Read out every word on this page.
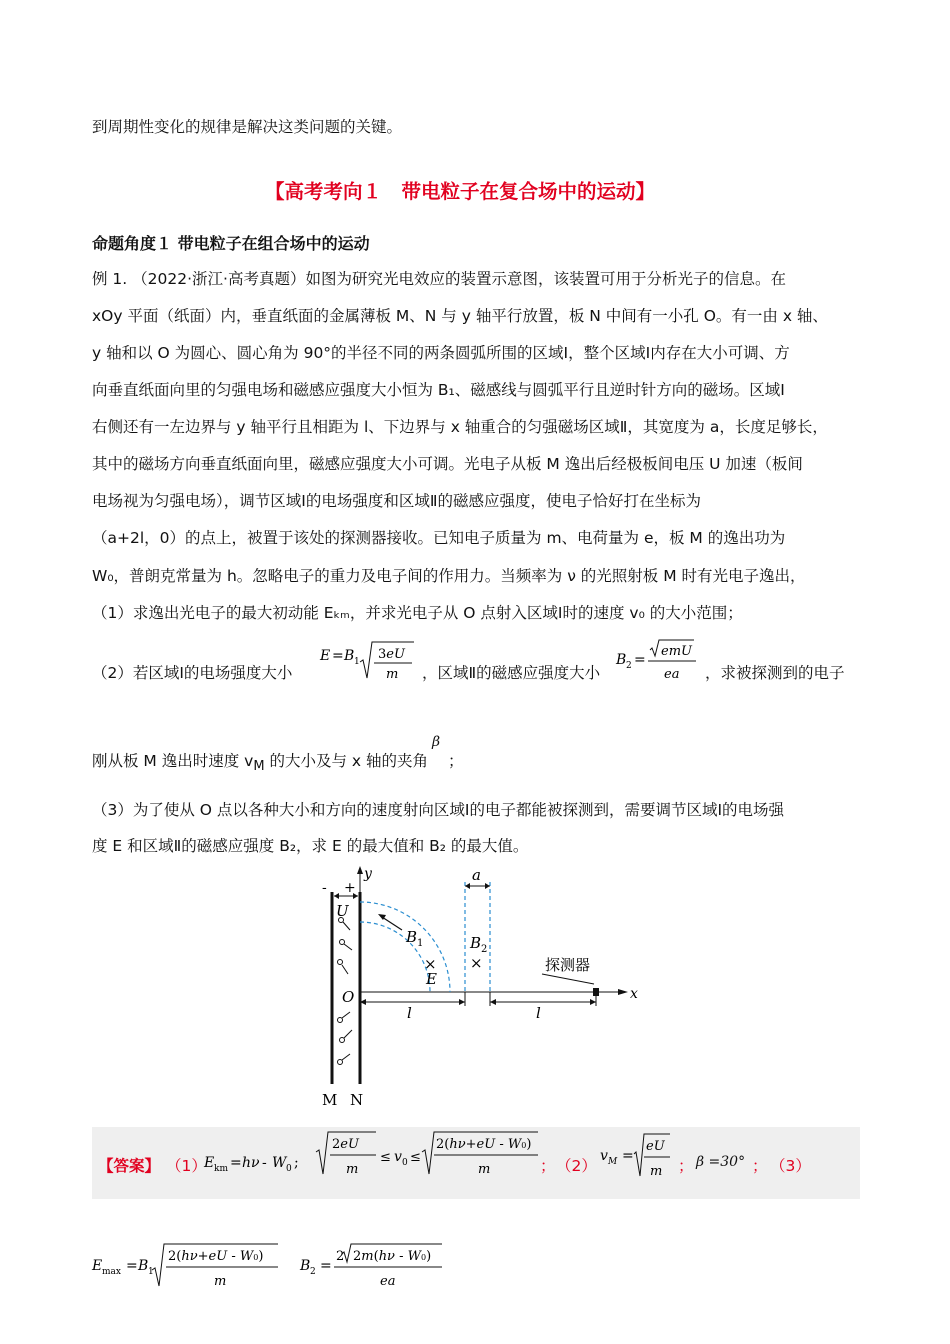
到周期性变化的规律是解决这类问题的关键。
【高考考向１　带电粒子在复合场中的运动】
命题角度１ 带电粒子在组合场中的运动
例 1. （2022·浙江·高考真题）如图为研究光电效应的装置示意图，该装置可用于分析光子的信息。在
xOy 平面（纸面）内，垂直纸面的金属薄板 M、N 与 y 轴平行放置，板 N 中间有一小孔 O。有一由 x 轴、
y 轴和以 O 为圆心、圆心角为 90°的半径不同的两条圆弧所围的区域Ⅰ，整个区域Ⅰ内存在大小可调、方
向垂直纸面向里的匀强电场和磁感应强度大小恒为 B₁、磁感线与圆弧平行且逆时针方向的磁场。区域Ⅰ
右侧还有一左边界与 y 轴平行且相距为 l、下边界与 x 轴重合的匀强磁场区域Ⅱ，其宽度为 a，长度足够长，
其中的磁场方向垂直纸面向里，磁感应强度大小可调。光电子从板 M 逸出后经极板间电压 U 加速（板间
电场视为匀强电场），调节区域Ⅰ的电场强度和区域Ⅱ的磁感应强度，使电子恰好打在坐标为
（a+2l，0）的点上，被置于该处的探测器接收。已知电子质量为 m、电荷量为 e，板 M 的逸出功为
W₀，普朗克常量为 h。忽略电子的重力及电子间的作用力。当频率为 ν 的光照射板 M 时有光电子逸出，
（1）求逸出光电子的最大初动能 Eₖₘ，并求光电子从 O 点射入区域Ⅰ时的速度 v₀ 的大小范围；
（2）若区域Ⅰ的电场强度大小
E = B 1 3eU
m ，区域Ⅱ的磁感应强度大小
B 2 =
emU
ea ，求被探测到的电子
刚从板 M 逸出时速度 $v_M$ 的大小及与 x 轴的夹角
β
；
（3）为了使从 O 点以各种大小和方向的速度射向区域Ⅰ的电子都能被探测到，需要调节区域Ⅰ的电场强
度 E 和区域Ⅱ的磁感应强度 B₂，求 E 的最大值和 B₂ 的最大值。
- +
y
U
B 1
×
E
a
B 2
×	探测器
O	x
l	l
M N
【答案】 （1）
E km = hν - W 0 ;
2eU
m
≤ v 0 ≤
2(hν+eU - W0)
m	； （2）
v M =
eU
m ； β =30° ； （3）
E max = B 1
2(hν+eU - W0)
m
B 2 =
2 2m(hν - W0)
ea
